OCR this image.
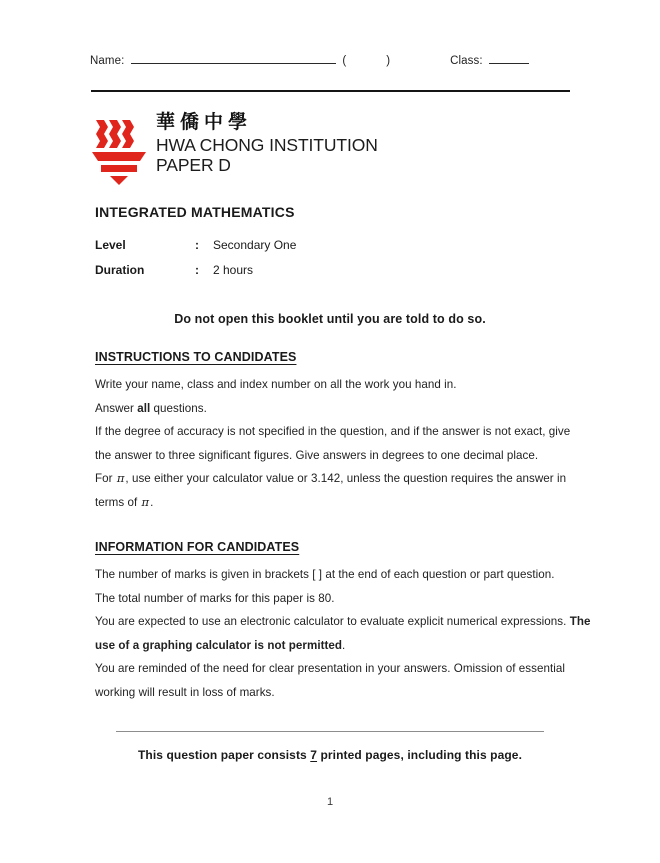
Name:	(	)	Class:
華僑中學
HWA CHONG INSTITUTION
PAPER D
INTEGRATED MATHEMATICS
Level	:	Secondary One
Duration	:	2 hours
Do not open this booklet until you are told to do so.
INSTRUCTIONS TO CANDIDATES
Write your name, class and index number on all the work you hand in.
Answer all questions.
If the degree of accuracy is not specified in the question, and if the answer is not exact, give the answer to three significant figures. Give answers in degrees to one decimal place.
For π, use either your calculator value or 3.142, unless the question requires the answer in terms of π.
INFORMATION FOR CANDIDATES
The number of marks is given in brackets [ ] at the end of each question or part question.
The total number of marks for this paper is 80.
You are expected to use an electronic calculator to evaluate explicit numerical expressions. The use of a graphing calculator is not permitted.
You are reminded of the need for clear presentation in your answers. Omission of essential working will result in loss of marks.
This question paper consists 7 printed pages, including this page.
1
